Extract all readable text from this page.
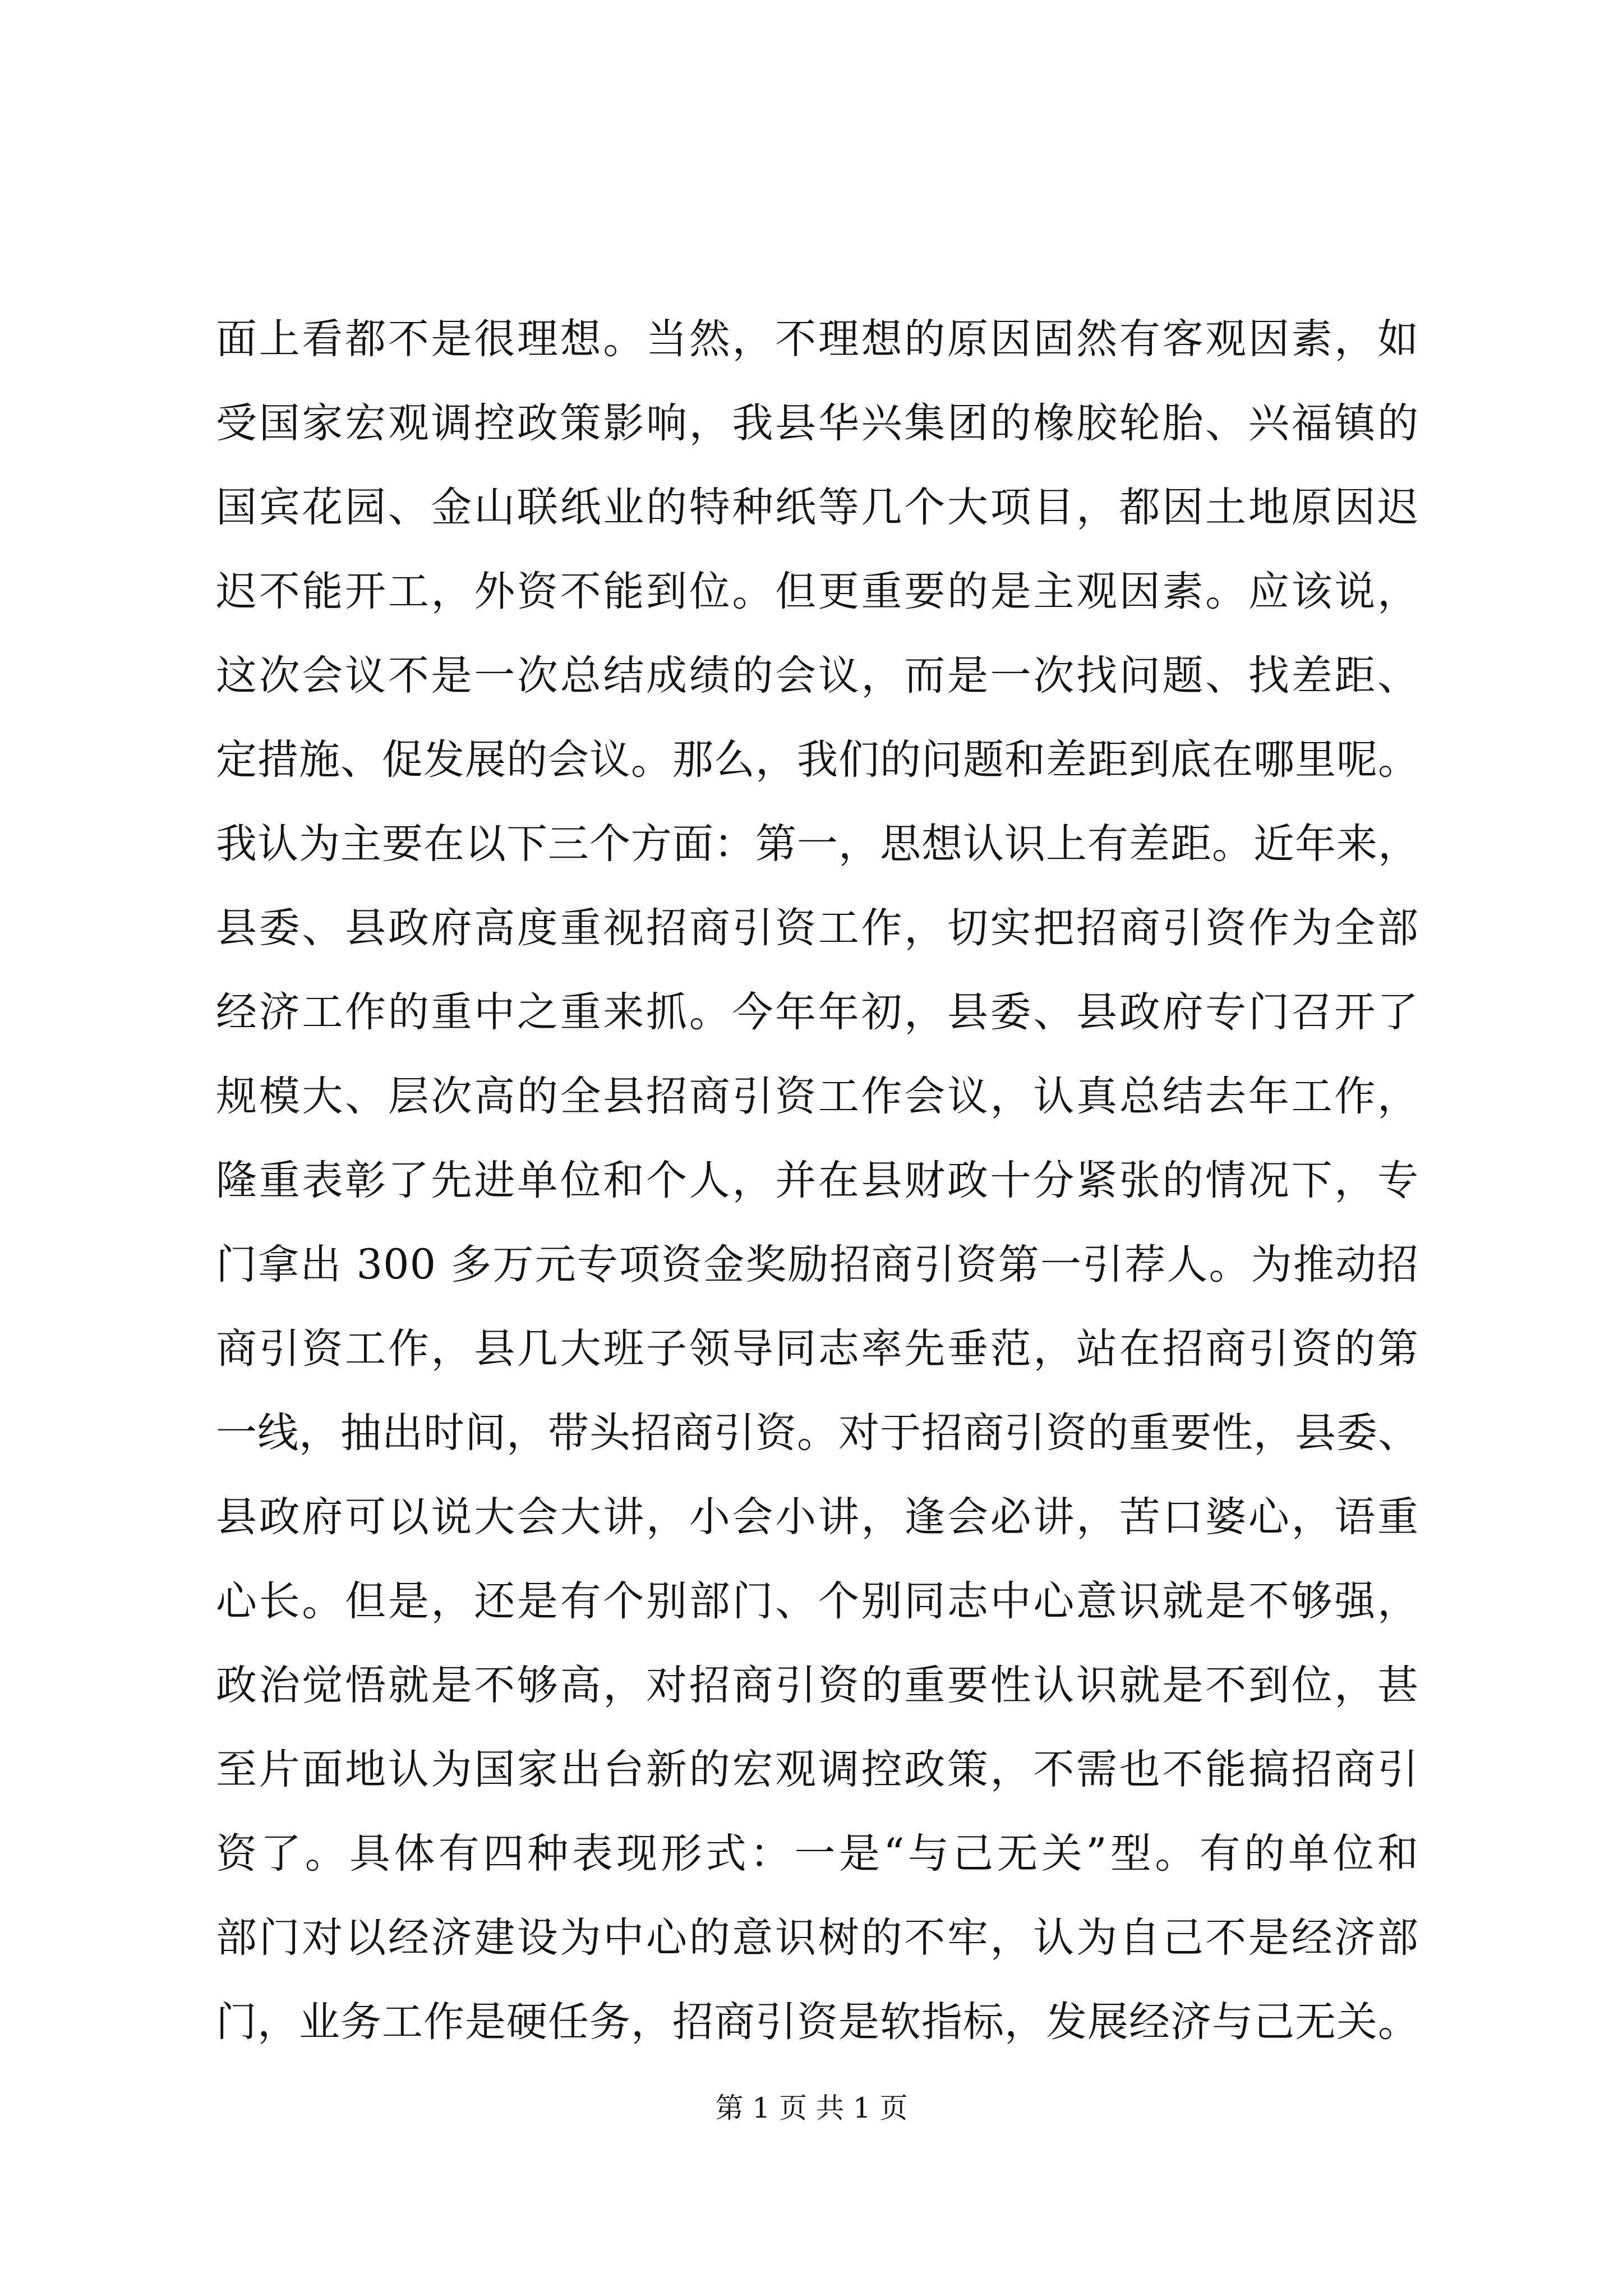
面上看都不是很理想。当然，不理想的原因固然有客观因素，如
受国家宏观调控政策影响，我县华兴集团的橡胶轮胎、兴福镇的
国宾花园、金山联纸业的特种纸等几个大项目，都因土地原因迟
迟不能开工，外资不能到位。但更重要的是主观因素。应该说，
这次会议不是一次总结成绩的会议，而是一次找问题、找差距、
定措施、促发展的会议。那么，我们的问题和差距到底在哪里呢。
我认为主要在以下三个方面：第一，思想认识上有差距。近年来，
县委、县政府高度重视招商引资工作，切实把招商引资作为全部
经济工作的重中之重来抓。今年年初，县委、县政府专门召开了
规模大、层次高的全县招商引资工作会议，认真总结去年工作，
隆重表彰了先进单位和个人，并在县财政十分紧张的情况下，专
门拿出 300 多万元专项资金奖励招商引资第一引荐人。为推动招
商引资工作，县几大班子领导同志率先垂范，站在招商引资的第
一线，抽出时间，带头招商引资。对于招商引资的重要性，县委、
县政府可以说大会大讲，小会小讲，逢会必讲，苦口婆心，语重
心长。但是，还是有个别部门、个别同志中心意识就是不够强，
政治觉悟就是不够高，对招商引资的重要性认识就是不到位，甚
至片面地认为国家出台新的宏观调控政策，不需也不能搞招商引
资了。具体有四种表现形式：一是“与己无关”型。有的单位和
部门对以经济建设为中心的意识树的不牢，认为自己不是经济部
门，业务工作是硬任务，招商引资是软指标，发展经济与己无关。
第 1 页 共 1 页
